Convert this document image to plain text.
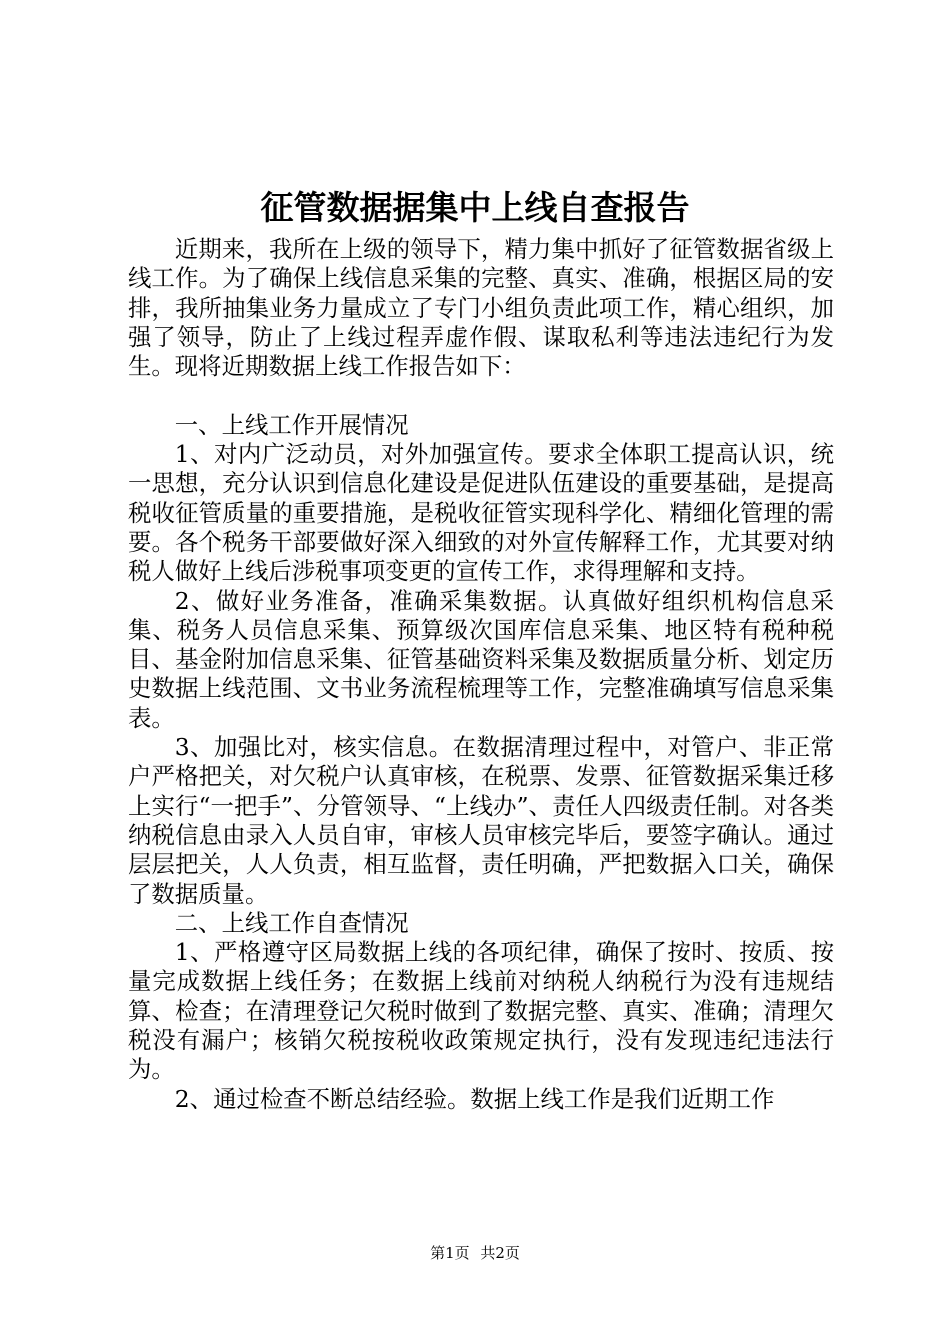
征管数据据集中上线自查报告

近期来，我所在上级的领导下，精力集中抓好了征管数据省级上线工作。为了确保上线信息采集的完整、真实、准确，根据区局的安排，我所抽集业务力量成立了专门小组负责此项工作，精心组织，加强了领导，防止了上线过程弄虚作假、谋取私利等违法违纪行为发生。现将近期数据上线工作报告如下：

一、上线工作开展情况

1、对内广泛动员，对外加强宣传。要求全体职工提高认识，统一思想，充分认识到信息化建设是促进队伍建设的重要基础，是提高税收征管质量的重要措施，是税收征管实现科学化、精细化管理的需要。各个税务干部要做好深入细致的对外宣传解释工作，尤其要对纳税人做好上线后涉税事项变更的宣传工作，求得理解和支持。

2、做好业务准备，准确采集数据。认真做好组织机构信息采集、税务人员信息采集、预算级次国库信息采集、地区特有税种税目、基金附加信息采集、征管基础资料采集及数据质量分析、划定历史数据上线范围、文书业务流程梳理等工作，完整准确填写信息采集表。

3、加强比对，核实信息。在数据清理过程中，对管户、非正常户严格把关，对欠税户认真审核，在税票、发票、征管数据采集迁移上实行“一把手”、分管领导、“上线办”、责任人四级责任制。对各类纳税信息由录入人员自审，审核人员审核完毕后，要签字确认。通过层层把关，人人负责，相互监督，责任明确，严把数据入口关，确保了数据质量。

二、上线工作自查情况

1、严格遵守区局数据上线的各项纪律，确保了按时、按质、按量完成数据上线任务；在数据上线前对纳税人纳税行为没有违规结算、检查；在清理登记欠税时做到了数据完整、真实、准确；清理欠税没有漏户；核销欠税按税收政策规定执行，没有发现违纪违法行为。

2、通过检查不断总结经验。数据上线工作是我们近期工作

第1页 共2页
